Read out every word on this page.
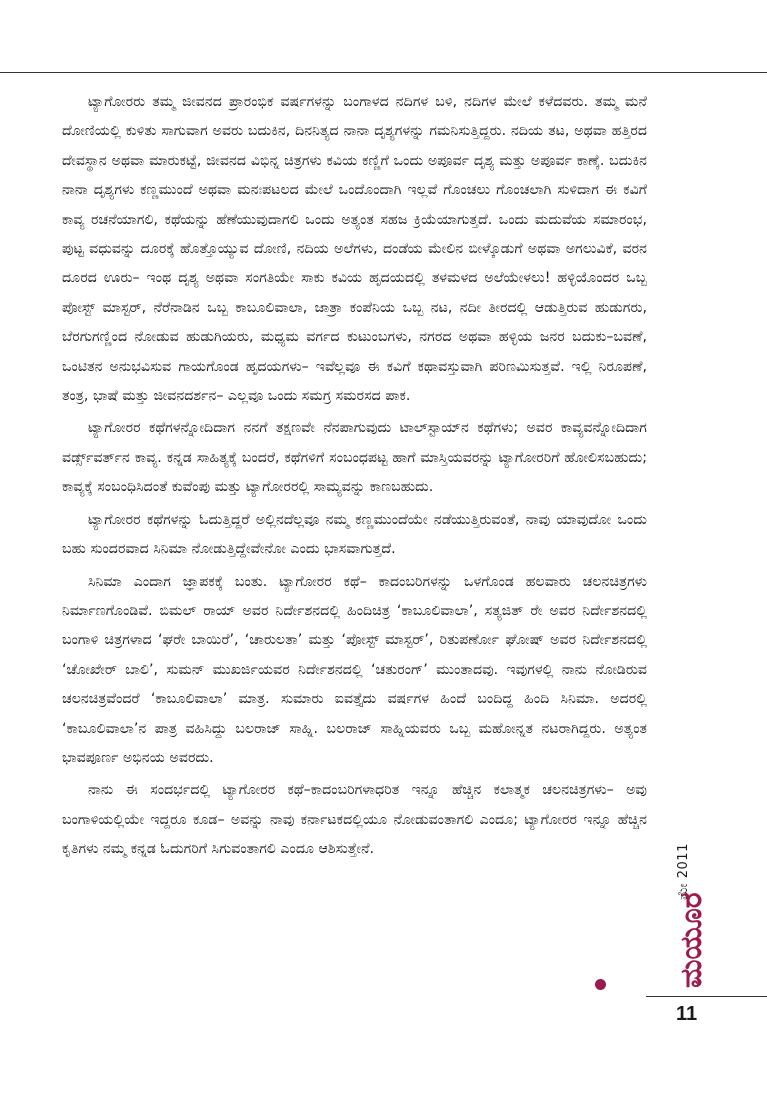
ಟ್ಯಾಗೋರರು ತಮ್ಮ ಜೀವನದ ಪ್ರಾರಂಭಿಕ ವರ್ಷಗಳನ್ನು ಬಂಗಾಳದ ನದಿಗಳ ಬಳಿ, ನದಿಗಳ ಮೇಲೆ ಕಳೆದವರು. ತಮ್ಮ ಮನೆ ದೋಣಿಯಲ್ಲಿ ಕುಳಿತು ಸಾಗುವಾಗ ಅವರು ಬದುಕಿನ, ದಿನನಿತ್ಯದ ನಾನಾ ದೃಶ್ಯಗಳನ್ನು ಗಮನಿಸುತ್ತಿದ್ದರು. ನದಿಯ ತಟ, ಅಥವಾ ಹತ್ತಿರದ ದೇವಸ್ಥಾನ ಅಥವಾ ಮಾರುಕಟ್ಟೆ, ಜೀವನದ ವಿಭಿನ್ನ ಚಿತ್ರಗಳು ಕವಿಯ ಕಣ್ಣಿಗೆ ಒಂದು ಅಪೂರ್ವ ದೃಶ್ಯ ಮತ್ತು ಅಪೂರ್ವ ಕಾಣ್ಕೆ. ಬದುಕಿನ ನಾನಾ ದೃಶ್ಯಗಳು ಕಣ್ಣಮುಂದೆ ಅಥವಾ ಮನಃಪಟಲದ ಮೇಲೆ ಒಂದೊಂದಾಗಿ ಇಲ್ಲವೆ ಗೊಂಚಲು ಗೊಂಚಲಾಗಿ ಸುಳಿದಾಗ ಈ ಕವಿಗೆ ಕಾವ್ಯ ರಚನೆಯಾಗಲಿ, ಕಥೆಯನ್ನು ಹೆಣೆಯುವುದಾಗಲಿ ಒಂದು ಅತ್ಯಂತ ಸಹಜ ಕ್ರಿಯೆಯಾಗುತ್ತದೆ. ಒಂದು ಮದುವೆಯ ಸಮಾರಂಭ, ಪುಟ್ಟ ವಧುವನ್ನು ದೂರಕ್ಕೆ ಹೊತ್ತೊಯ್ಯುವ ದೋಣಿ, ನದಿಯ ಅಲೆಗಳು, ದಂಡೆಯ ಮೇಲಿನ ಬೀಳ್ಕೊಡುಗೆ ಅಥವಾ ಅಗಲುವಿಕೆ, ವರನ ದೂರದ ಊರು– ಇಂಥ ದೃಶ್ಯ ಅಥವಾ ಸಂಗತಿಯೇ ಸಾಕು ಕವಿಯ ಹೃದಯದಲ್ಲಿ ತಳಮಳದ ಅಲೆಯೇಳಲು! ಹಳ್ಳಿಯೊಂದರ ಒಬ್ಬ ಪೋಸ್ಟ್ ಮಾಸ್ಟರ್, ನೆರೆನಾಡಿನ ಒಬ್ಬ ಕಾಬೂಲಿವಾಲಾ, ಜಾತ್ರಾ ಕಂಪೆನಿಯ ಒಬ್ಬ ನಟ, ನದೀ ತೀರದಲ್ಲಿ ಆಡುತ್ತಿರುವ ಹುಡುಗರು, ಬೆರಗುಗಣ್ಣಿಂದ ನೋಡುವ ಹುಡುಗಿಯರು, ಮಧ್ಯಮ ವರ್ಗದ ಕುಟುಂಬಗಳು, ನಗರದ ಅಥವಾ ಹಳ್ಳಿಯ ಜನರ ಬದುಕು–ಬವಣೆ, ಒಂಟಿತನ ಅನುಭವಿಸುವ ಗಾಯಗೊಂಡ ಹೃದಯಗಳು– ಇವೆಲ್ಲವೂ ಈ ಕವಿಗೆ ಕಥಾವಸ್ತುವಾಗಿ ಪರಿಣಮಿಸುತ್ತವೆ. ಇಲ್ಲಿ ನಿರೂಪಣೆ, ತಂತ್ರ, ಭಾಷೆ ಮತ್ತು ಜೀವನದರ್ಶನ– ಎಲ್ಲವೂ ಒಂದು ಸಮಗ್ರ ಸಮರಸದ ಪಾಕ.

ಟ್ಯಾಗೋರರ ಕಥೆಗಳನ್ನೋದಿದಾಗ ನನಗೆ ತಕ್ಷಣವೇ ನೆನಪಾಗುವುದು ಟಾಲ್‌ಸ್ಟಾಯ್‌ನ ಕಥೆಗಳು; ಅವರ ಕಾವ್ಯವನ್ನೋದಿದಾಗ ವರ್ಡ್ಸ್‌ವರ್ತ್‌ನ ಕಾವ್ಯ. ಕನ್ನಡ ಸಾಹಿತ್ಯಕ್ಕೆ ಬಂದರೆ, ಕಥೆಗಳಿಗೆ ಸಂಬಂಧಪಟ್ಟ ಹಾಗೆ ಮಾಸ್ತಿಯವರನ್ನು ಟ್ಯಾಗೋರರಿಗೆ ಹೋಲಿಸಬಹುದು; ಕಾವ್ಯಕ್ಕೆ ಸಂಬಂಧಿಸಿದಂತೆ ಕುವೆಂಪು ಮತ್ತು ಟ್ಯಾಗೋರರಲ್ಲಿ ಸಾಮ್ಯವನ್ನು ಕಾಣಬಹುದು.

ಟ್ಯಾಗೋರರ ಕಥೆಗಳನ್ನು ಓದುತ್ತಿದ್ದರೆ ಅಲ್ಲಿನದೆಲ್ಲವೂ ನಮ್ಮ ಕಣ್ಣಮುಂದೆಯೇ ನಡೆಯುತ್ತಿರುವಂತೆ, ನಾವು ಯಾವುದೋ ಒಂದು ಬಹು ಸುಂದರವಾದ ಸಿನಿಮಾ ನೋಡುತ್ತಿದ್ದೇವೇನೋ ಎಂದು ಭಾಸವಾಗುತ್ತದೆ.

ಸಿನಿಮಾ ಎಂದಾಗ ಜ್ಞಾಪಕಕ್ಕೆ ಬಂತು. ಟ್ಯಾಗೋರರ ಕಥೆ– ಕಾದಂಬರಿಗಳನ್ನು ಒಳಗೊಂಡ ಹಲವಾರು ಚಲನಚಿತ್ರಗಳು ನಿರ್ಮಾಣಗೊಂಡಿವೆ. ಬಿಮಲ್ ರಾಯ್ ಅವರ ನಿರ್ದೇಶನದಲ್ಲಿ ಹಿಂದಿಚಿತ್ರ ‘ಕಾಬೂಲಿವಾಲಾ’, ಸತ್ಯಜಿತ್ ರೇ ಅವರ ನಿರ್ದೇಶನದಲ್ಲಿ ಬಂಗಾಳಿ ಚಿತ್ರಗಳಾದ ‘ಘರೇ ಬಾಯಿರೆ’, ‘ಚಾರುಲತಾ’ ಮತ್ತು ‘ಪೋಸ್ಟ್ ಮಾಸ್ಟರ್’, ರಿತುಪರ್ಣೋ ಘೋಷ್ ಅವರ ನಿರ್ದೇಶನದಲ್ಲಿ ‘ಚೋಖೇರ್ ಬಾಲಿ’, ಸುಮನ್ ಮುಖರ್ಜಿಯವರ ನಿರ್ದೇಶನದಲ್ಲಿ ‘ಚತುರಂಗ್’ ಮುಂತಾದವು. ಇವುಗಳಲ್ಲಿ ನಾನು ನೋಡಿರುವ ಚಲನಚಿತ್ರವೆಂದರೆ ‘ಕಾಬೂಲಿವಾಲಾ’ ಮಾತ್ರ. ಸುಮಾರು ಐವತ್ತೈದು ವರ್ಷಗಳ ಹಿಂದೆ ಬಂದಿದ್ದ ಹಿಂದಿ ಸಿನಿಮಾ. ಅದರಲ್ಲಿ ‘ಕಾಬೂಲಿವಾಲಾ’ನ ಪಾತ್ರ ವಹಿಸಿದ್ದು ಬಲರಾಜ್ ಸಾಹ್ನಿ. ಬಲರಾಜ್ ಸಾಹ್ನಿಯವರು ಒಬ್ಬ ಮಹೋನ್ನತ ನಟರಾಗಿದ್ದರು. ಅತ್ಯಂತ ಭಾವಪೂರ್ಣ ಅಭಿನಯ ಅವರದು.

ನಾನು ಈ ಸಂದರ್ಭದಲ್ಲಿ ಟ್ಯಾಗೋರರ ಕಥೆ–ಕಾದಂಬರಿಗಳಾಧರಿತ ಇನ್ನೂ ಹೆಚ್ಚಿನ ಕಲಾತ್ಮಕ ಚಲನಚಿತ್ರಗಳು– ಅವು ಬಂಗಾಳಿಯಲ್ಲಿಯೇ ಇದ್ದರೂ ಕೂಡ– ಅವನ್ನು ನಾವು ಕರ್ನಾಟಕದಲ್ಲಿಯೂ ನೋಡುವಂತಾಗಲಿ ಎಂದೂ; ಟ್ಯಾಗೋರರ ಇನ್ನೂ ಹೆಚ್ಚಿನ ಕೃತಿಗಳು ನಮ್ಮ ಕನ್ನಡ ಓದುಗರಿಗೆ ಸಿಗುವಂತಾಗಲಿ ಎಂದೂ ಆಶಿಸುತ್ತೇನೆ.	ಮೇ 2011
ಮಯೂರ
11
